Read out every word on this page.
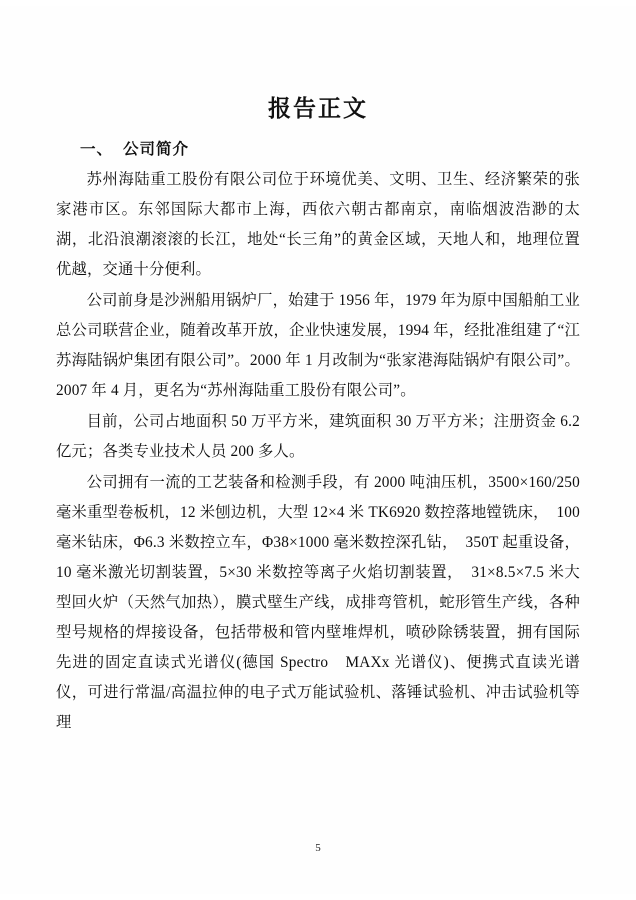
报告正文
一、 公司简介

苏州海陆重工股份有限公司位于环境优美、文明、卫生、经济繁荣的张家港市区。东邻国际大都市上海，西依六朝古都南京，南临烟波浩渺的太湖，北沿浪潮滚滚的长江，地处“长三角”的黄金区域，天地人和，地理位置优越，交通十分便利。

公司前身是沙洲船用锅炉厂，始建于 1956 年，1979 年为原中国船舶工业总公司联营企业，随着改革开放，企业快速发展，1994 年，经批准组建了“江苏海陆锅炉集团有限公司”。2000 年 1 月改制为“张家港海陆锅炉有限公司”。2007 年 4 月，更名为“苏州海陆重工股份有限公司”。

目前，公司占地面积 50 万平方米，建筑面积 30 万平方米；注册资金 6.2 亿元；各类专业技术人员 200 多人。

公司拥有一流的工艺装备和检测手段，有 2000 吨油压机，3500×160/250 毫米重型卷板机，12 米刨边机，大型 12×4 米 TK6920 数控落地镗铣床，　100 毫米钻床，Φ6.3 米数控立车，Φ38×1000 毫米数控深孔钻，　350T 起重设备，10 毫米激光切割装置，5×30 米数控等离子火焰切割装置，　31×8.5×7.5 米大型回火炉（天然气加热），膜式壁生产线，成排弯管机，蛇形管生产线，各种型号规格的焊接设备，包括带极和管内壁堆焊机，喷砂除锈装置，拥有国际先进的固定直读式光谱仪(德国 Spectro　MAXx 光谱仪)、便携式直读光谱仪，可进行常温/高温拉伸的电子式万能试验机、落锤试验机、冲击试验机等理

5
